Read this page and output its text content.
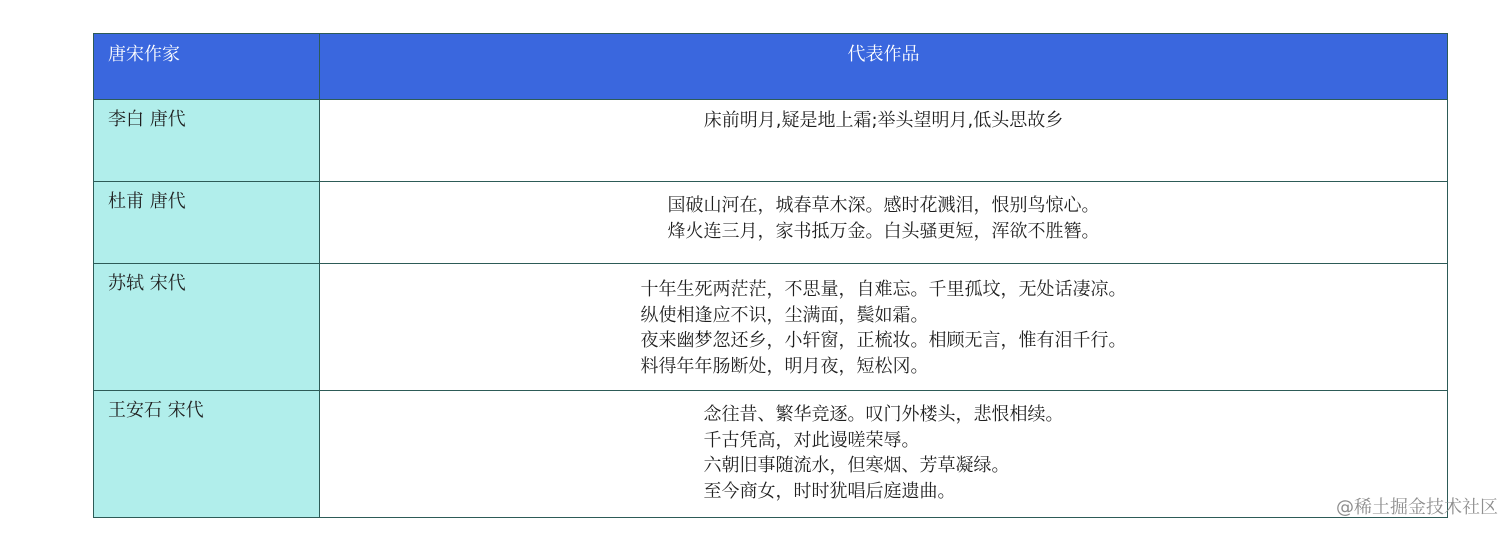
唐宋作家	代表作品
李白 唐代	床前明月,疑是地上霜;举头望明月,低头思故乡
杜甫 唐代	国破山河在，城春草木深。感时花溅泪，恨别鸟惊心。
烽火连三月，家书抵万金。白头骚更短，浑欲不胜簪。
苏轼 宋代	十年生死两茫茫，不思量，自难忘。千里孤坟，无处话凄凉。
纵使相逢应不识，尘满面，鬓如霜。
夜来幽梦忽还乡，小轩窗，正梳妆。相顾无言，惟有泪千行。
料得年年肠断处，明月夜，短松冈。
王安石 宋代	念往昔、繁华竞逐。叹门外楼头，悲恨相续。
千古凭高，对此谩嗟荣辱。
六朝旧事随流水，但寒烟、芳草凝绿。
至今商女，时时犹唱后庭遗曲。
@稀土掘金技术社区
